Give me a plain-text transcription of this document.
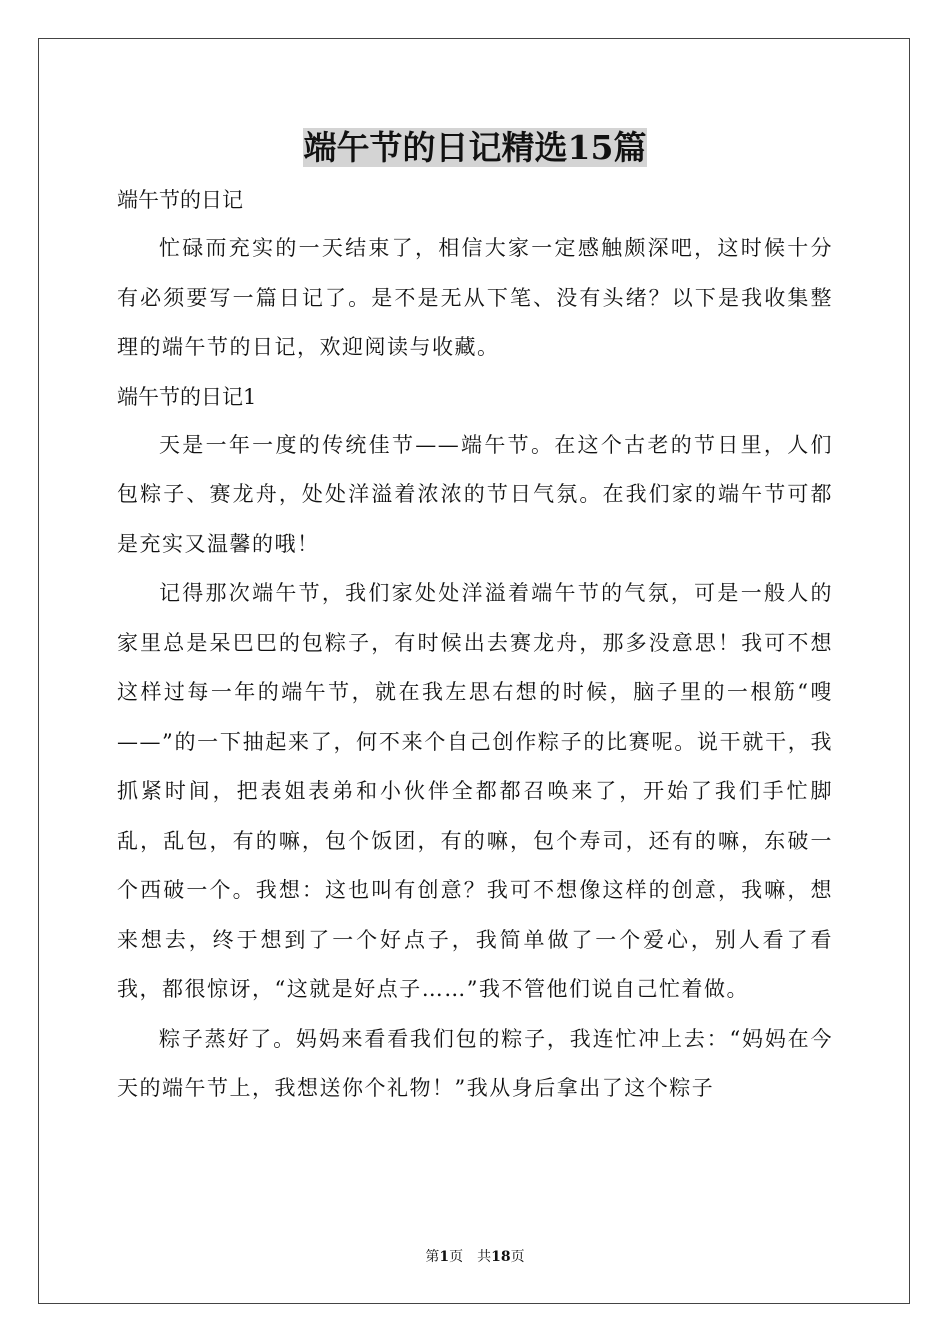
端午节的日记精选15篇
端午节的日记

忙碌而充实的一天结束了，相信大家一定感触颇深吧，这时候十分有必须要写一篇日记了。是不是无从下笔、没有头绪？以下是我收集整理的端午节的日记，欢迎阅读与收藏。

端午节的日记1

天是一年一度的传统佳节——端午节。在这个古老的节日里，人们包粽子、赛龙舟，处处洋溢着浓浓的节日气氛。在我们家的端午节可都是充实又温馨的哦！

记得那次端午节，我们家处处洋溢着端午节的气氛，可是一般人的家里总是呆巴巴的包粽子，有时候出去赛龙舟，那多没意思！我可不想这样过每一年的端午节，就在我左思右想的时候，脑子里的一根筋“嗖——”的一下抽起来了，何不来个自己创作粽子的比赛呢。说干就干，我抓紧时间，把表姐表弟和小伙伴全都都召唤来了，开始了我们手忙脚乱，乱包，有的嘛，包个饭团，有的嘛，包个寿司，还有的嘛，东破一个西破一个。我想：这也叫有创意？我可不想像这样的创意，我嘛，想来想去，终于想到了一个好点子，我简单做了一个爱心，别人看了看我，都很惊讶，“这就是好点子……”我不管他们说自己忙着做。

粽子蒸好了。妈妈来看看我们包的粽子，我连忙冲上去：“妈妈在今天的端午节上，我想送你个礼物！”我从身后拿出了这个粽子

第1页　共18页
